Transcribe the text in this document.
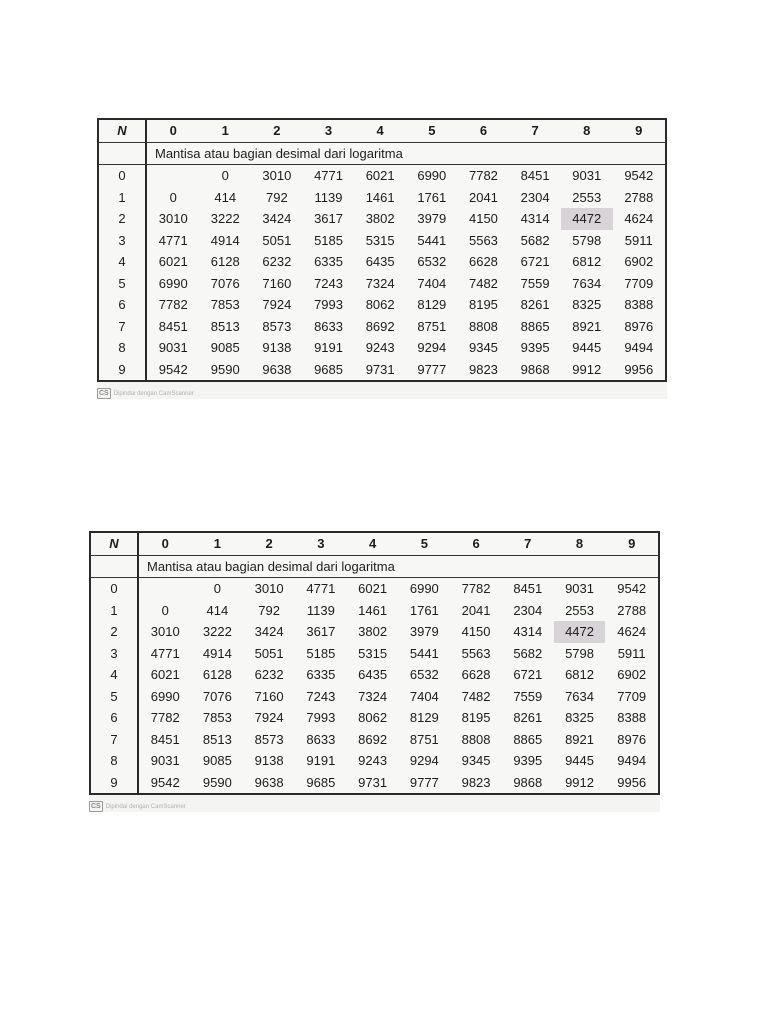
N	0	1	2	3	4	5	6	7	8	9
	Mantisa atau bagian desimal dari logaritma									
0		0	3010	4771	6021	6990	7782	8451	9031	9542
1	0	414	792	1139	1461	1761	2041	2304	2553	2788
2	3010	3222	3424	3617	3802	3979	4150	4314	4472	4624
3	4771	4914	5051	5185	5315	5441	5563	5682	5798	5911
4	6021	6128	6232	6335	6435	6532	6628	6721	6812	6902
5	6990	7076	7160	7243	7324	7404	7482	7559	7634	7709
6	7782	7853	7924	7993	8062	8129	8195	8261	8325	8388
7	8451	8513	8573	8633	8692	8751	8808	8865	8921	8976
8	9031	9085	9138	9191	9243	9294	9345	9395	9445	9494
9	9542	9590	9638	9685	9731	9777	9823	9868	9912	9956
CS Dipindai dengan CamScanner
N	0	1	2	3	4	5	6	7	8	9
	Mantisa atau bagian desimal dari logaritma									
0		0	3010	4771	6021	6990	7782	8451	9031	9542
1	0	414	792	1139	1461	1761	2041	2304	2553	2788
2	3010	3222	3424	3617	3802	3979	4150	4314	4472	4624
3	4771	4914	5051	5185	5315	5441	5563	5682	5798	5911
4	6021	6128	6232	6335	6435	6532	6628	6721	6812	6902
5	6990	7076	7160	7243	7324	7404	7482	7559	7634	7709
6	7782	7853	7924	7993	8062	8129	8195	8261	8325	8388
7	8451	8513	8573	8633	8692	8751	8808	8865	8921	8976
8	9031	9085	9138	9191	9243	9294	9345	9395	9445	9494
9	9542	9590	9638	9685	9731	9777	9823	9868	9912	9956
CS Dipindai dengan CamScanner
